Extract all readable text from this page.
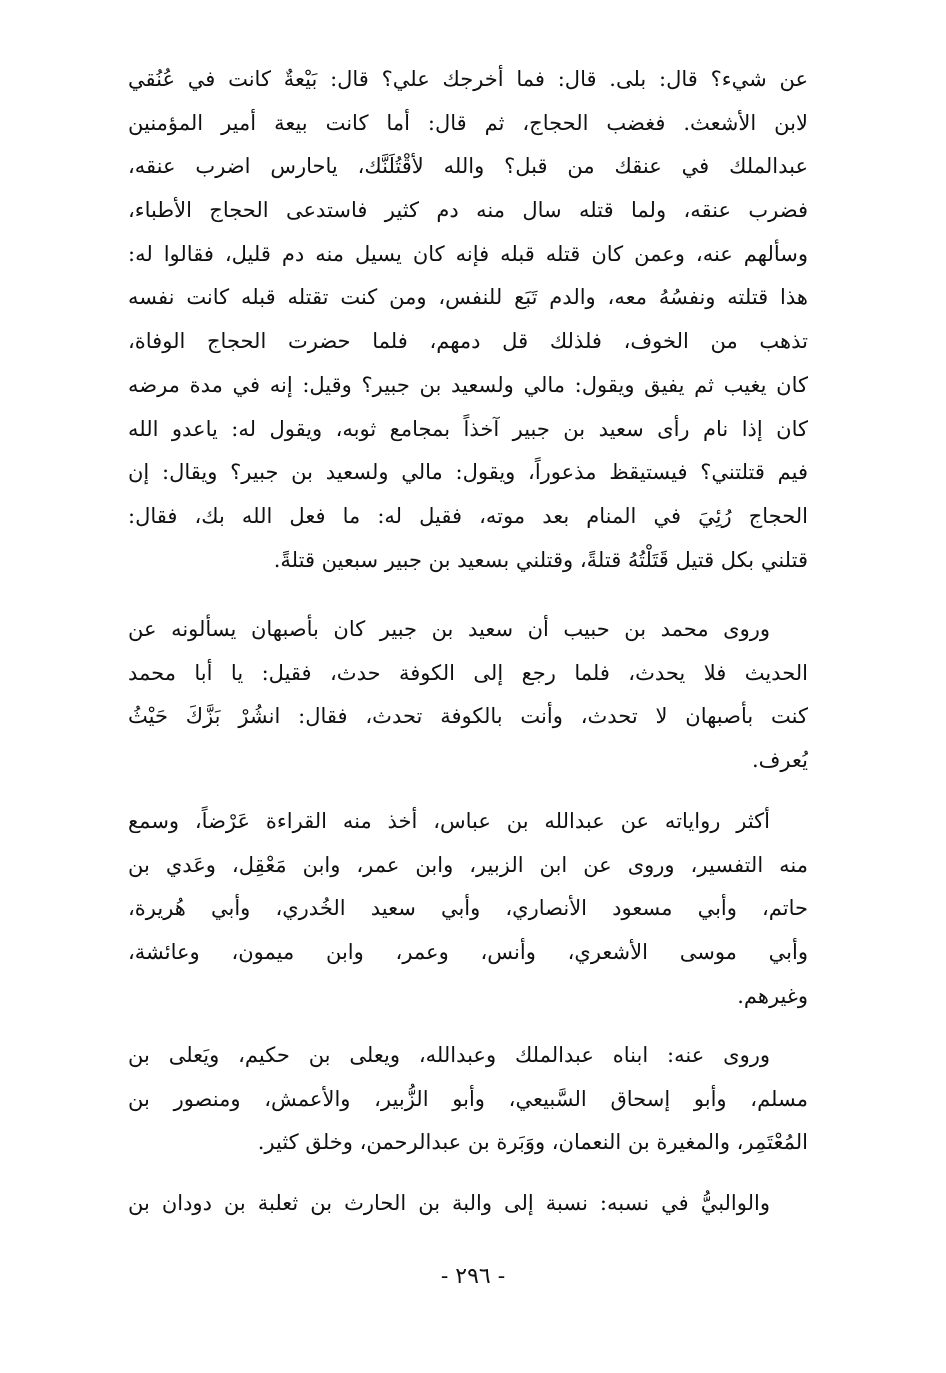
عن شيء؟ قال: بلى. قال: فما أخرجك علي؟ قال: بَيْعةٌ كانت في عُنُقي
لابن الأشعث. فغضب الحجاج، ثم قال: أما كانت بيعة أمير المؤمنين
عبدالملك في عنقك من قبل؟ والله لأقْتُلَنَّك، ياحارس اضرب عنقه،
فضرب عنقه، ولما قتله سال منه دم كثير فاستدعى الحجاج الأطباء،
وسألهم عنه، وعمن كان قتله قبله فإنه كان يسيل منه دم قليل، فقالوا له:
هذا قتلته ونفسُهُ معه، والدم تَبَع للنفس، ومن كنت تقتله قبله كانت نفسه
تذهب من الخوف، فلذلك قل دمهم، فلما حضرت الحجاج الوفاة،
كان يغيب ثم يفيق ويقول: مالي ولسعيد بن جبير؟ وقيل: إنه في مدة مرضه
كان إذا نام رأى سعيد بن جبير آخذاً بمجامع ثوبه، ويقول له: ياعدو الله
فيم قتلتني؟ فيستيقظ مذعوراً، ويقول: مالي ولسعيد بن جبير؟ ويقال: إن
الحجاج رُئِيَ في المنام بعد موته، فقيل له: ما فعل الله بك، فقال:
قتلني بكل قتيل قَتَلْتُهُ قتلةً، وقتلني بسعيد بن جبير سبعين قتلةً.
وروى محمد بن حبيب أن سعيد بن جبير كان بأصبهان يسألونه عن
الحديث فلا يحدث، فلما رجع إلى الكوفة حدث، فقيل: يا أبا محمد
كنت بأصبهان لا تحدث، وأنت بالكوفة تحدث، فقال: انشُرْ بَزَّكَ حَيْثُ
يُعرف.
أكثر رواياته عن عبدالله بن عباس، أخذ منه القراءة عَرْضاً، وسمع
منه التفسير، وروى عن ابن الزبير، وابن عمر، وابن مَعْقِل، وعَدي بن
حاتم، وأبي مسعود الأنصاري، وأبي سعيد الخُدري، وأبي هُريرة،
وأبي موسى الأشعري، وأنس، وعمر، وابن ميمون، وعائشة،
وغيرهم.
وروى عنه: ابناه عبدالملك وعبدالله، ويعلى بن حكيم، ويَعلى بن
مسلم، وأبو إسحاق السَّبيعي، وأبو الزُّبير، والأعمش، ومنصور بن
المُعْتَمِر، والمغيرة بن النعمان، ووَبَرة بن عبدالرحمن، وخلق كثير.
والوالبيُّ في نسبه: نسبة إلى والبة بن الحارث بن ثعلبة بن دودان بن
- ٢٩٦ -
